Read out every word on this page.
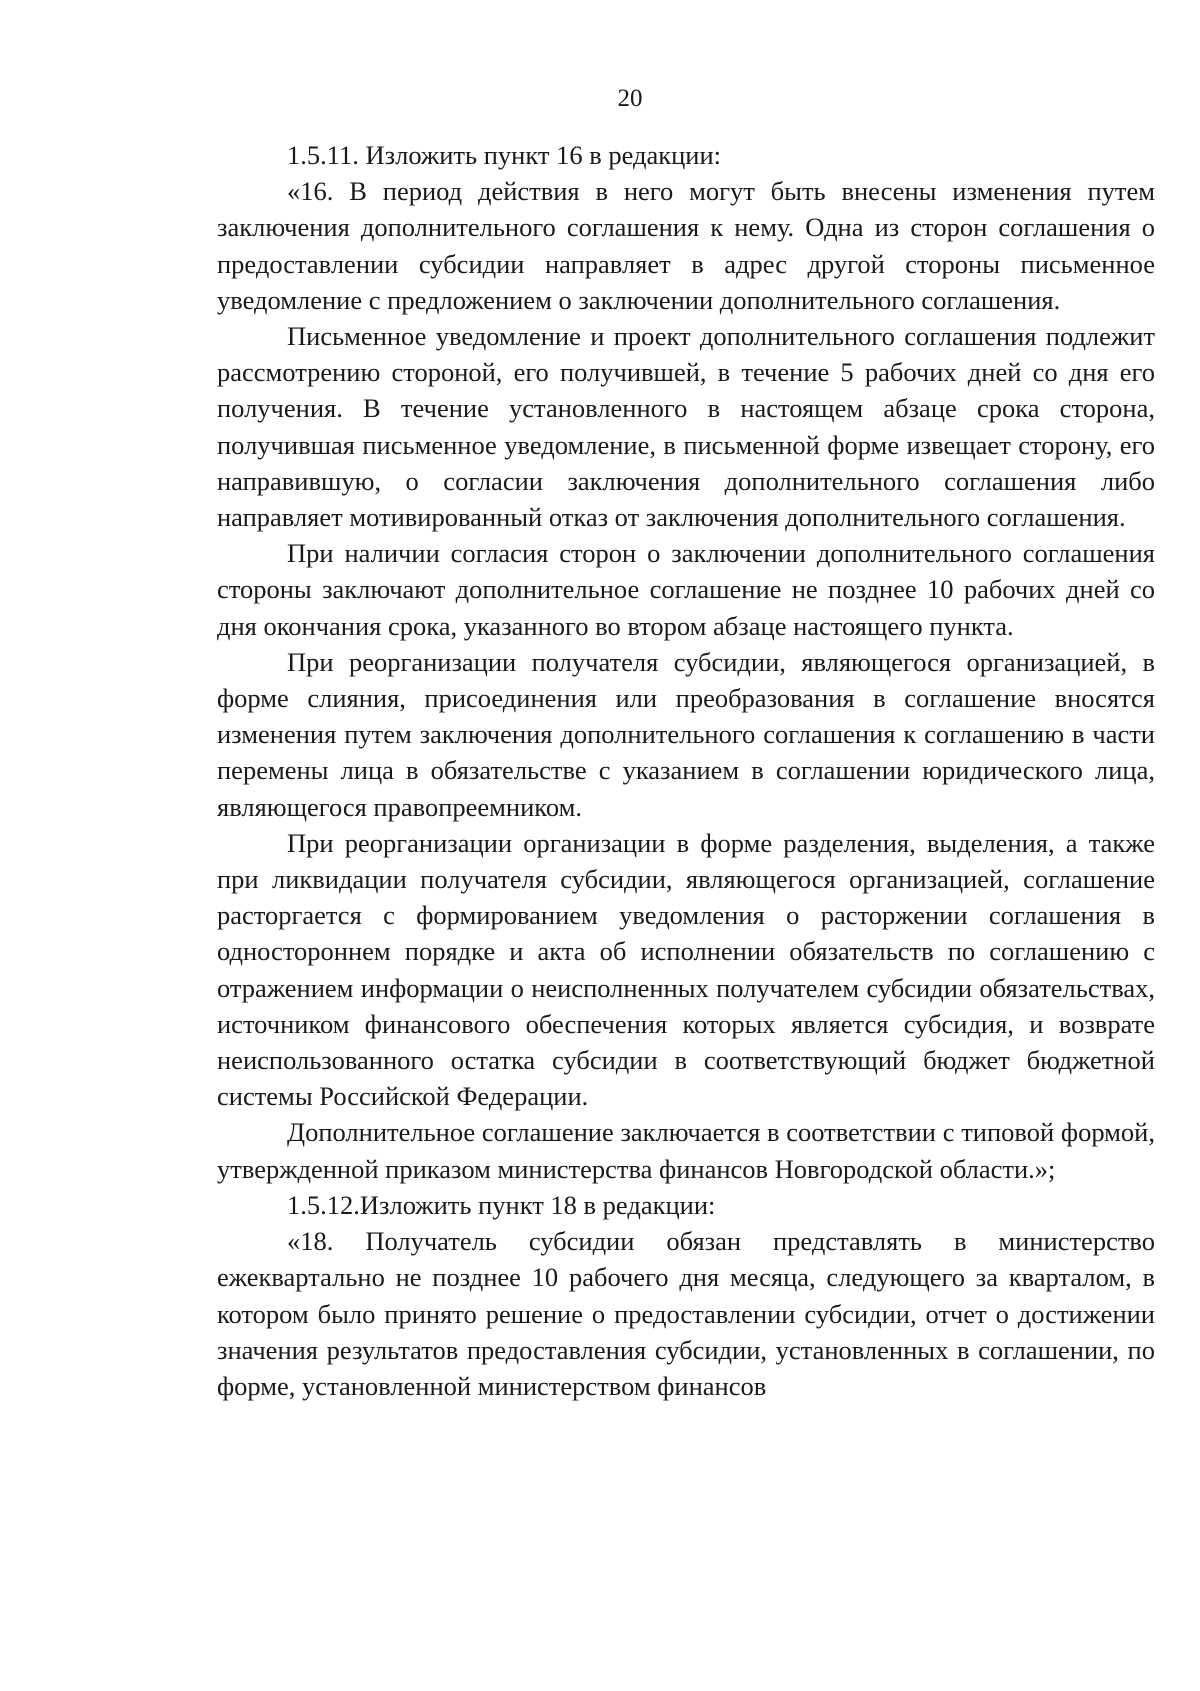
20

1.5.11. Изложить пункт 16 в редакции:

«16. В период действия в него могут быть внесены изменения путем заключения дополнительного соглашения к нему. Одна из сторон соглашения о предоставлении субсидии направляет в адрес другой стороны письменное уведомление с предложением о заключении дополнительного соглашения.

Письменное уведомление и проект дополнительного соглашения подлежит рассмотрению стороной, его получившей, в течение 5 рабочих дней со дня его получения. В течение установленного в настоящем абзаце срока сторона, получившая письменное уведомление, в письменной форме извещает сторону, его направившую, о согласии заключения дополнительного соглашения либо направляет мотивированный отказ от заключения дополнительного соглашения.

При наличии согласия сторон о заключении дополнительного соглашения стороны заключают дополнительное соглашение не позднее 10 рабочих дней со дня окончания срока, указанного во втором абзаце настоящего пункта.

При реорганизации получателя субсидии, являющегося организацией, в форме слияния, присоединения или преобразования в соглашение вносятся изменения путем заключения дополнительного соглашения к соглашению в части перемены лица в обязательстве с указанием в соглашении юридического лица, являющегося правопреемником.

При реорганизации организации в форме разделения, выделения, а также при ликвидации получателя субсидии, являющегося организацией, соглашение расторгается с формированием уведомления о расторжении соглашения в одностороннем порядке и акта об исполнении обязательств по соглашению с отражением информации о неисполненных получателем субсидии обязательствах, источником финансового обеспечения которых является субсидия, и возврате неиспользованного остатка субсидии в соответствующий бюджет бюджетной системы Российской Федерации.

Дополнительное соглашение заключается в соответствии с типовой формой, утвержденной приказом министерства финансов Новгородской области.»;

1.5.12.Изложить пункт 18 в редакции:

«18. Получатель субсидии обязан представлять в министерство ежеквартально не позднее 10 рабочего дня месяца, следующего за кварталом, в котором было принято решение о предоставлении субсидии, отчет о достижении значения результатов предоставления субсидии, установленных в соглашении, по форме, установленной министерством финансов
